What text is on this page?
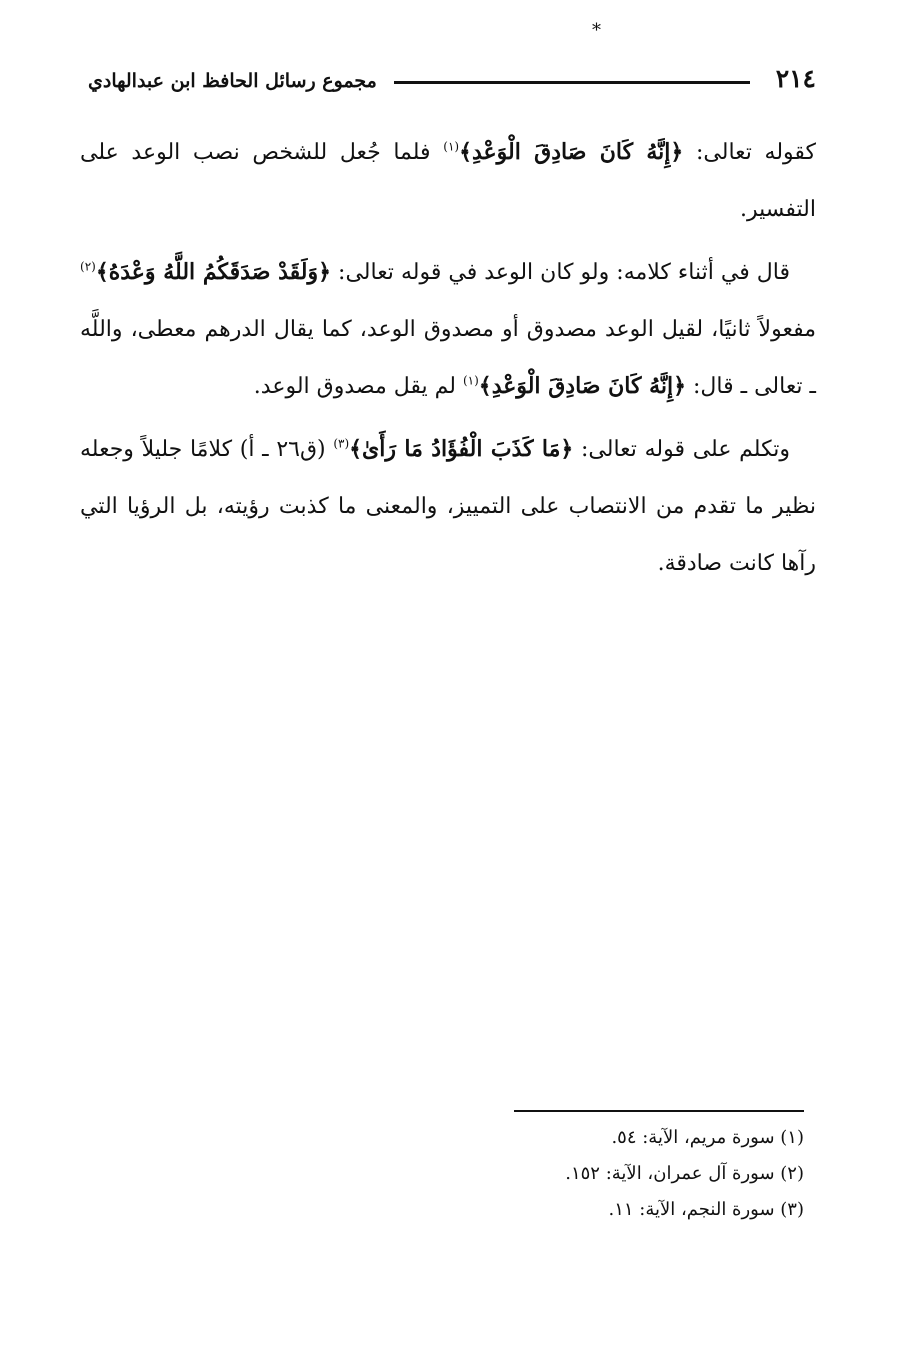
*
٢١٤
مجموع رسائل الحافظ ابن عبدالهادي

كقوله تعالى: ﴿إِنَّهُ كَانَ صَادِقَ الْوَعْدِ﴾$^{(١)}$ فلما جُعل للشخص نصب الوعد على التفسير.

قال في أثناء كلامه: ولو كان الوعد في قوله تعالى: ﴿وَلَقَدْ صَدَقَكُمُ اللَّهُ وَعْدَهُ﴾$^{(٢)}$ مفعولاً ثانيًا، لقيل الوعد مصدوق أو مصدوق الوعد، كما يقال الدرهم معطى، واللَّه ـ تعالى ـ قال: ﴿إِنَّهُ كَانَ صَادِقَ الْوَعْدِ﴾$^{(١)}$ لم يقل مصدوق الوعد.

وتكلم على قوله تعالى: ﴿مَا كَذَبَ الْفُؤَادُ مَا رَأَىٰ﴾$^{(٣)}$ (ق٢٦ ـ أ) كلامًا جليلاً وجعله نظير ما تقدم من الانتصاب على التمييز، والمعنى ما كذبت رؤيته، بل الرؤيا التي رآها كانت صادقة.

(١) سورة مريم، الآية: ٥٤.
(٢) سورة آل عمران، الآية: ١٥٢.
(٣) سورة النجم، الآية: ١١.
